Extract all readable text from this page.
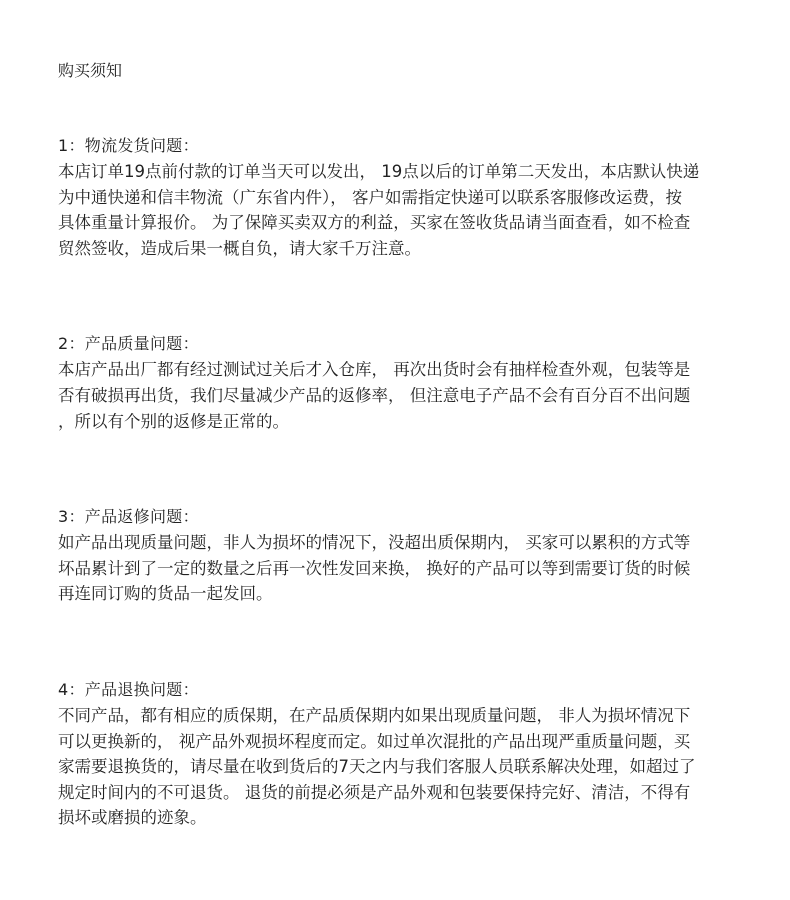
购买须知

1：物流发货问题：

本店订单19点前付款的订单当天可以发出， 19点以后的订单第二天发出，本店默认快递

为中通快递和信丰物流（广东省内件）， 客户如需指定快递可以联系客服修改运费，按

具体重量计算报价。 为了保障买卖双方的利益，买家在签收货品请当面查看，如不检查

贸然签收，造成后果一概自负，请大家千万注意。

2：产品质量问题：

本店产品出厂都有经过测试过关后才入仓库， 再次出货时会有抽样检查外观，包装等是

否有破损再出货，我们尽量减少产品的返修率， 但注意电子产品不会有百分百不出问题

，所以有个别的返修是正常的。

3：产品返修问题：

如产品出现质量问题，非人为损坏的情况下，没超出质保期内， 买家可以累积的方式等

坏品累计到了一定的数量之后再一次性发回来换， 换好的产品可以等到需要订货的时候

再连同订购的货品一起发回。

4：产品退换问题：

不同产品，都有相应的质保期，在产品质保期内如果出现质量问题， 非人为损坏情况下

可以更换新的， 视产品外观损坏程度而定。如过单次混批的产品出现严重质量问题，买

家需要退换货的，请尽量在收到货后的7天之内与我们客服人员联系解决处理，如超过了

规定时间内的不可退货。 退货的前提必须是产品外观和包装要保持完好、清洁，不得有

损坏或磨损的迹象。
